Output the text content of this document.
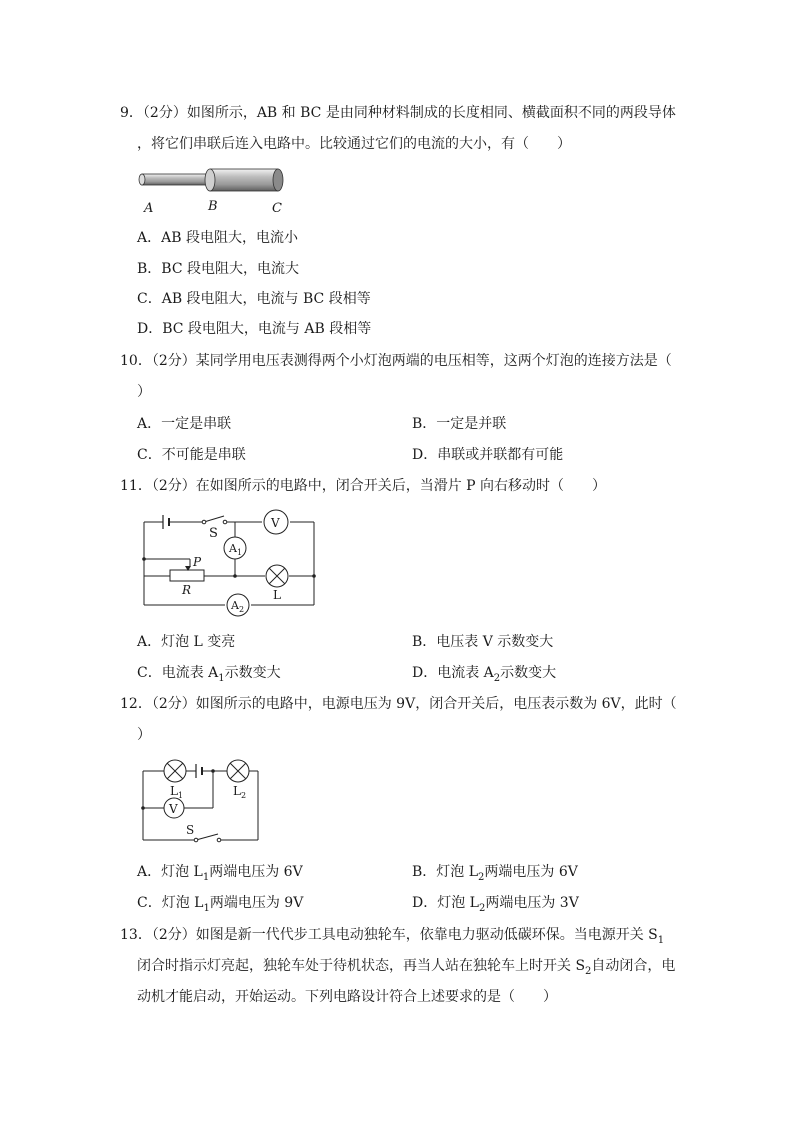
9．（2分）如图所示，AB 和 BC 是由同种材料制成的长度相同、横截面积不同的两段导体
，将它们串联后连入电路中。比较通过它们的电流的大小，有（　　）
A	B	C
A．AB 段电阻大，电流小
B．BC 段电阻大，电流大
C．AB 段电阻大，电流与 BC 段相等
D．BC 段电阻大，电流与 AB 段相等
10．（2分）某同学用电压表测得两个小灯泡两端的电压相等，这两个灯泡的连接方法是（
）
A．一定是串联	B．一定是并联
C．不可能是串联	D．串联或并联都有可能
11．（2分）在如图所示的电路中，闭合开关后，当滑片 P 向右移动时（　　）
S
V
$A_1$
P
R	L
$A_2$
A．灯泡 L 变亮	B．电压表 V 示数变大
C．电流表 $A_1$示数变大	D．电流表 $A_2$示数变大
12．（2分）如图所示的电路中，电源电压为 9V，闭合开关后，电压表示数为 6V，此时（
）
V
$L_1$	$L_2$
S
A．灯泡 $L_1$两端电压为 6V	B．灯泡 $L_2$两端电压为 6V
C．灯泡 $L_1$两端电压为 9V	D．灯泡 $L_2$两端电压为 3V
13．（2分）如图是新一代代步工具电动独轮车，依靠电力驱动低碳环保。当电源开关 $S_1$
闭合时指示灯亮起，独轮车处于待机状态，再当人站在独轮车上时开关 $S_2$自动闭合，电
动机才能启动，开始运动。下列电路设计符合上述要求的是（　　）
